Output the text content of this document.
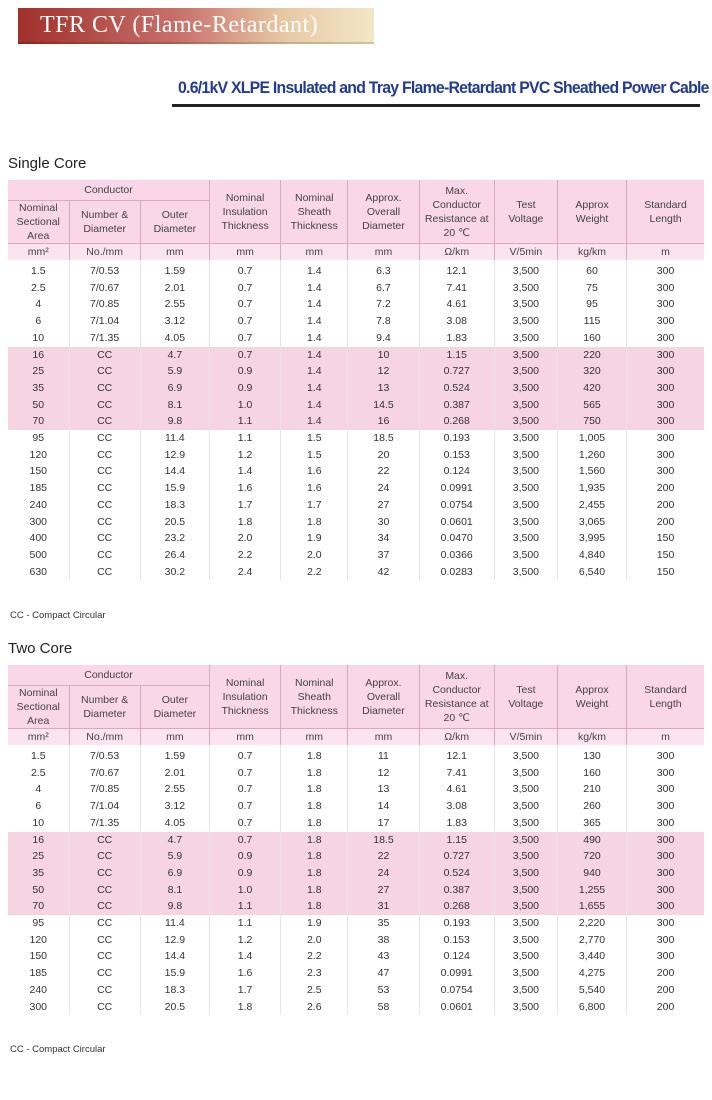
TFR CV (Flame-Retardant)
0.6/1kV XLPE Insulated and Tray Flame-Retardant PVC Sheathed Power Cable
Single Core
Conductor			Nominal Insulation Thickness	Nominal Sheath Thickness	Approx. Overall Diameter	Max. Conductor Resistance at 20 ℃	Test Voltage	Approx Weight	Standard Length
Nominal Sectional Area	Number & Diameter	Outer Diameter							
mm²	No./mm	mm	mm	mm	mm	Ω/km	V/5min	kg/km	m
1.5	7/0.53	1.59	0.7	1.4	6.3	12.1	3,500	60	300
2.5	7/0.67	2.01	0.7	1.4	6.7	7.41	3,500	75	300
4	7/0.85	2.55	0.7	1.4	7.2	4.61	3,500	95	300
6	7/1.04	3.12	0.7	1.4	7.8	3.08	3,500	115	300
10	7/1.35	4.05	0.7	1.4	9.4	1.83	3,500	160	300
16	CC	4.7	0.7	1.4	10	1.15	3,500	220	300
25	CC	5.9	0.9	1.4	12	0.727	3,500	320	300
35	CC	6.9	0.9	1.4	13	0.524	3,500	420	300
50	CC	8.1	1.0	1.4	14.5	0.387	3,500	565	300
70	CC	9.8	1.1	1.4	16	0.268	3,500	750	300
95	CC	11.4	1.1	1.5	18.5	0.193	3,500	1,005	300
120	CC	12.9	1.2	1.5	20	0.153	3,500	1,260	300
150	CC	14.4	1.4	1.6	22	0.124	3,500	1,560	300
185	CC	15.9	1.6	1.6	24	0.0991	3,500	1,935	200
240	CC	18.3	1.7	1.7	27	0.0754	3,500	2,455	200
300	CC	20.5	1.8	1.8	30	0.0601	3,500	3,065	200
400	CC	23.2	2.0	1.9	34	0.0470	3,500	3,995	150
500	CC	26.4	2.2	2.0	37	0.0366	3,500	4,840	150
630	CC	30.2	2.4	2.2	42	0.0283	3,500	6,540	150
CC - Compact Circular
Two Core
Conductor			Nominal Insulation Thickness	Nominal Sheath Thickness	Approx. Overall Diameter	Max. Conductor Resistance at 20 ℃	Test Voltage	Approx Weight	Standard Length
Nominal Sectional Area	Number & Diameter	Outer Diameter							
mm²	No./mm	mm	mm	mm	mm	Ω/km	V/5min	kg/km	m
1.5	7/0.53	1.59	0.7	1.8	11	12.1	3,500	130	300
2.5	7/0.67	2.01	0.7	1.8	12	7.41	3,500	160	300
4	7/0.85	2.55	0.7	1.8	13	4.61	3,500	210	300
6	7/1.04	3.12	0.7	1.8	14	3.08	3,500	260	300
10	7/1.35	4.05	0.7	1.8	17	1.83	3,500	365	300
16	CC	4.7	0.7	1.8	18.5	1.15	3,500	490	300
25	CC	5.9	0.9	1.8	22	0.727	3,500	720	300
35	CC	6.9	0.9	1.8	24	0.524	3,500	940	300
50	CC	8.1	1.0	1.8	27	0.387	3,500	1,255	300
70	CC	9.8	1.1	1.8	31	0.268	3,500	1,655	300
95	CC	11.4	1.1	1.9	35	0.193	3,500	2,220	300
120	CC	12.9	1.2	2.0	38	0.153	3,500	2,770	300
150	CC	14.4	1.4	2.2	43	0.124	3,500	3,440	300
185	CC	15.9	1.6	2.3	47	0.0991	3,500	4,275	200
240	CC	18.3	1.7	2.5	53	0.0754	3,500	5,540	200
300	CC	20.5	1.8	2.6	58	0.0601	3,500	6,800	200
CC - Compact Circular
